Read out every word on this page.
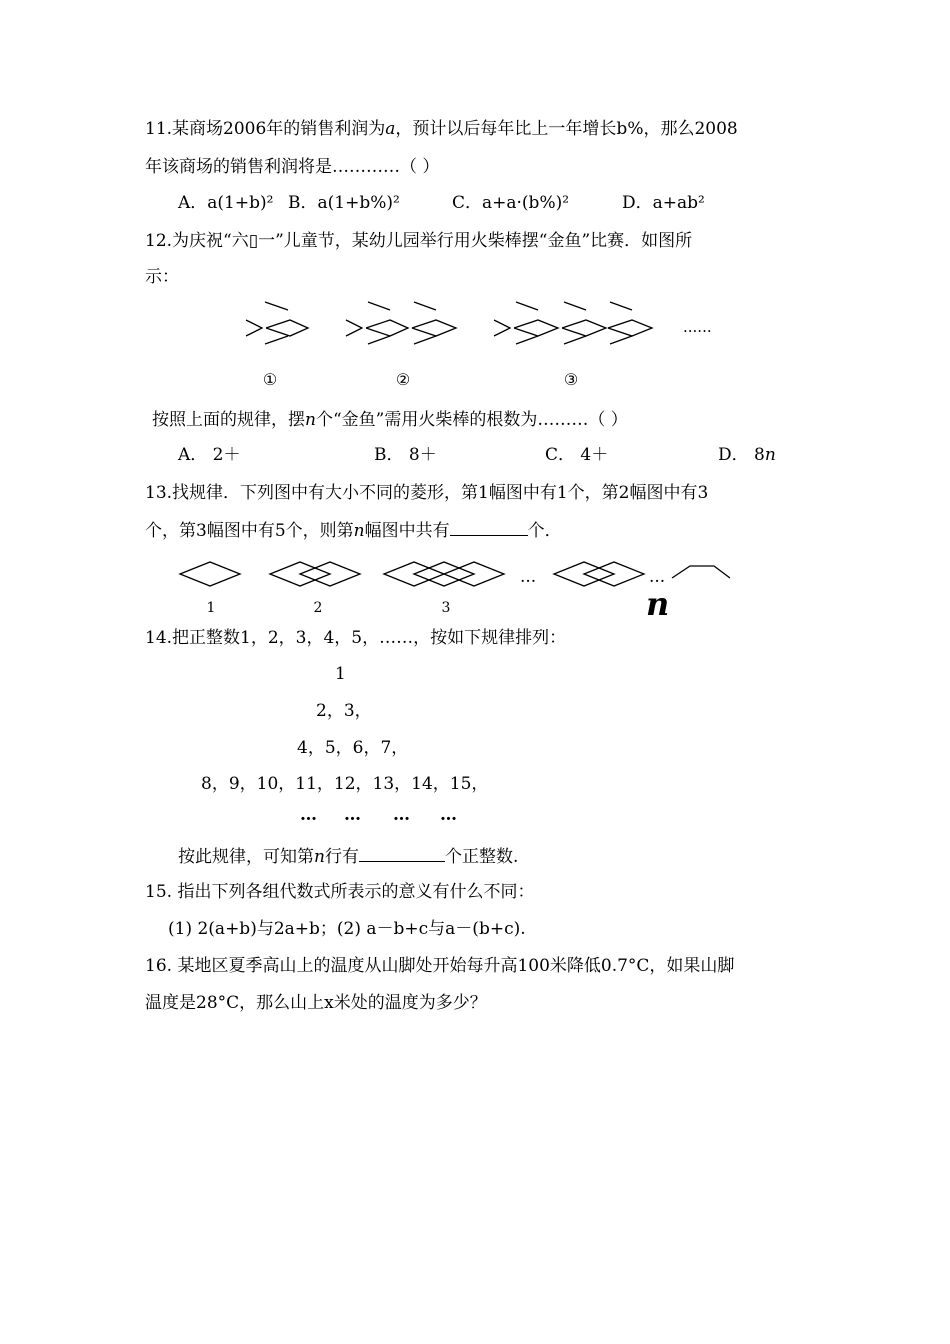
11.某商场2006年的销售利润为𝑎，预计以后每年比上一年增长b%，那么2008
年该商场的销售利润将是…………（ ）
A．a(1+b)² B．a(1+b%)²	C．a+a·(b%)²	D．a+ab²
12.为庆祝“六▯一”儿童节，某幼儿园举行用火柴棒摆“金鱼”比赛．如图所
示：
......
①	②	③
按照上面的规律，摆𝑛个“金鱼”需用火柴棒的根数为………（ ）
A． 2＋	B． 8＋	C． 4＋	D． 8𝑛
13.找规律．下列图中有大小不同的菱形，第1幅图中有1个，第2幅图中有3
个，第3幅图中有5个，则第𝑛幅图中共有	个．
...	...
1	2	3	n
14.把正整数1，2，3，4，5，……，按如下规律排列：
1
2，3，
4，5，6，7，
8，9，10，11，12，13，14，15，
… … … …
按此规律，可知第n行有	个正整数.
15. 指出下列各组代数式所表示的意义有什么不同：
(1) 2(a+b)与2a+b；(2) a－b+c与a－(b+c).
16. 某地区夏季高山上的温度从山脚处开始每升高100米降低0.7°C，如果山脚
温度是28°C，那么山上x米处的温度为多少？
